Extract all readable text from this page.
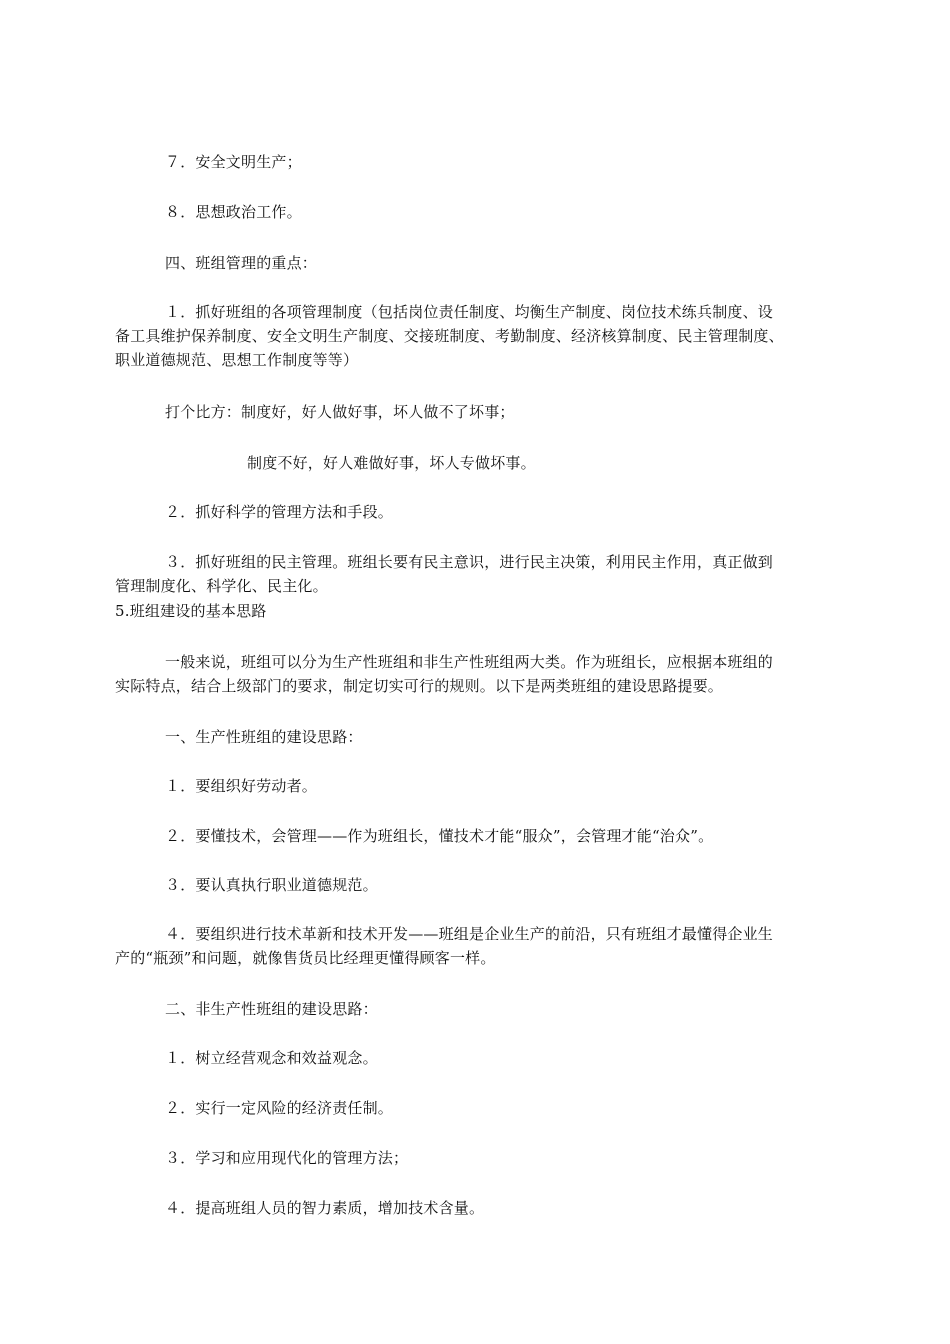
７．安全文明生产；
８．思想政治工作。
四、班组管理的重点：
１．抓好班组的各项管理制度（包括岗位责任制度、均衡生产制度、岗位技术练兵制度、设
备工具维护保养制度、安全文明生产制度、交接班制度、考勤制度、经济核算制度、民主管理制度、
职业道德规范、思想工作制度等等）
打个比方：制度好，好人做好事，坏人做不了坏事；
制度不好，好人难做好事，坏人专做坏事。
２．抓好科学的管理方法和手段。
３．抓好班组的民主管理。班组长要有民主意识，进行民主决策，利用民主作用，真正做到
管理制度化、科学化、民主化。
5.班组建设的基本思路
一般来说，班组可以分为生产性班组和非生产性班组两大类。作为班组长，应根据本班组的
实际特点，结合上级部门的要求，制定切实可行的规则。以下是两类班组的建设思路提要。
一、生产性班组的建设思路：
１．要组织好劳动者。
２．要懂技术，会管理——作为班组长，懂技术才能“服众”，会管理才能“治众”。
３．要认真执行职业道德规范。
４．要组织进行技术革新和技术开发——班组是企业生产的前沿，只有班组才最懂得企业生
产的“瓶颈”和问题，就像售货员比经理更懂得顾客一样。
二、非生产性班组的建设思路：
１．树立经营观念和效益观念。
２．实行一定风险的经济责任制。
３．学习和应用现代化的管理方法；
４．提高班组人员的智力素质，增加技术含量。
